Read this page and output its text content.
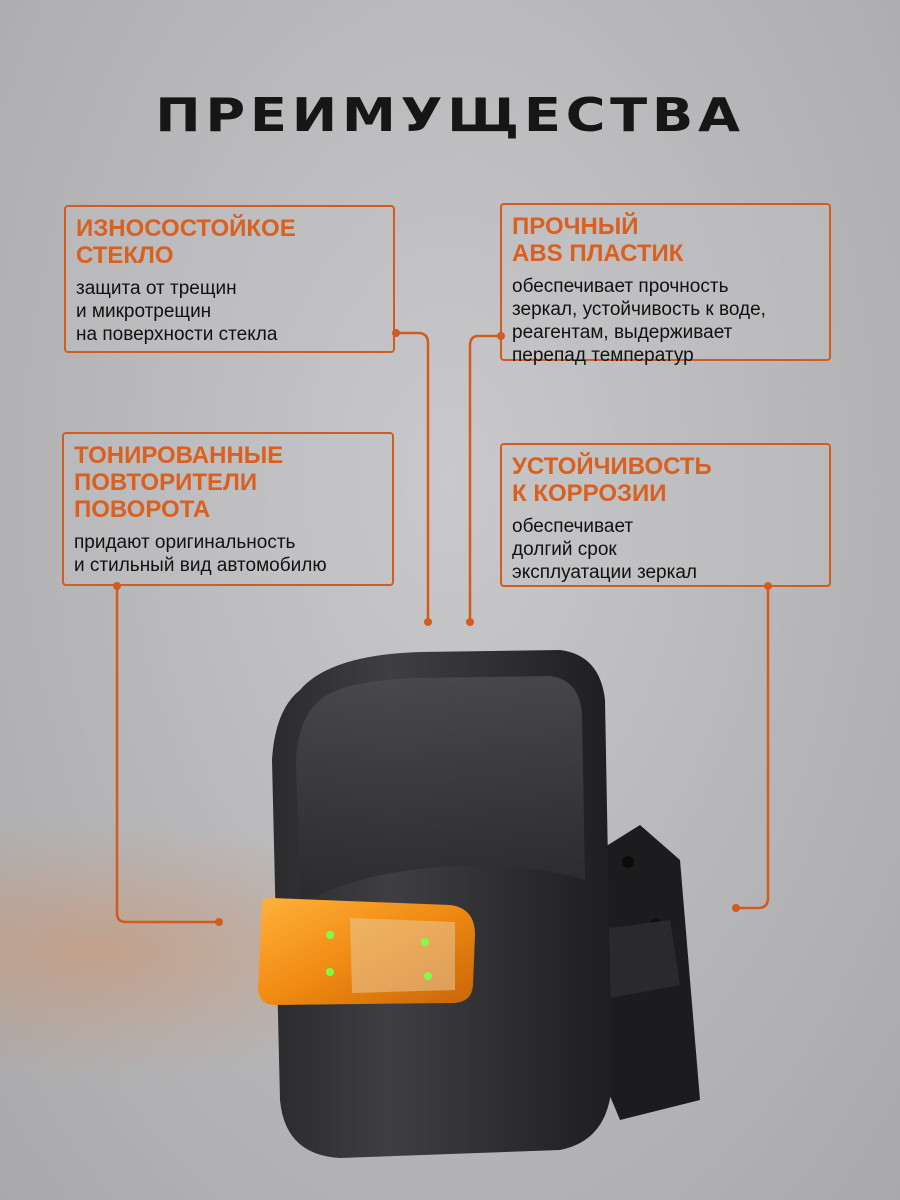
ПРЕИМУЩЕСТВА
ИЗНОСОСТОЙКОЕ
СТЕКЛО
защита от трещин
и микротрещин
на поверхности стекла
ПРОЧНЫЙ
ABS ПЛАСТИК
обеспечивает прочность
зеркал, устойчивость к воде,
реагентам, выдерживает
перепад температур
ТОНИРОВАННЫЕ
ПОВТОРИТЕЛИ
ПОВОРОТА
придают оригинальность
и стильный вид автомобилю
УСТОЙЧИВОСТЬ
К КОРРОЗИИ
обеспечивает
долгий срок
эксплуатации зеркал
